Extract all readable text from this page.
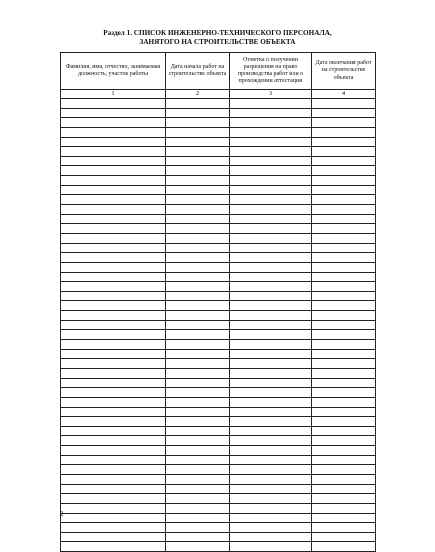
Раздел 1. СПИСОК ИНЖЕНЕРНО-ТЕХНИЧЕСКОГО ПЕРСОНАЛА,
ЗАНЯТОГО НА СТРОИТЕЛЬСТВЕ ОБЪЕКТА
Фамилия, имя, отчество, занимаемая должность, участок работы	Дата начала работ на строительстве объекта	Отметка о получении разрешения на право производства работ или о прохождении аттестации	Дата окончания работ на строительстве объекта
1	2	3	4

2
